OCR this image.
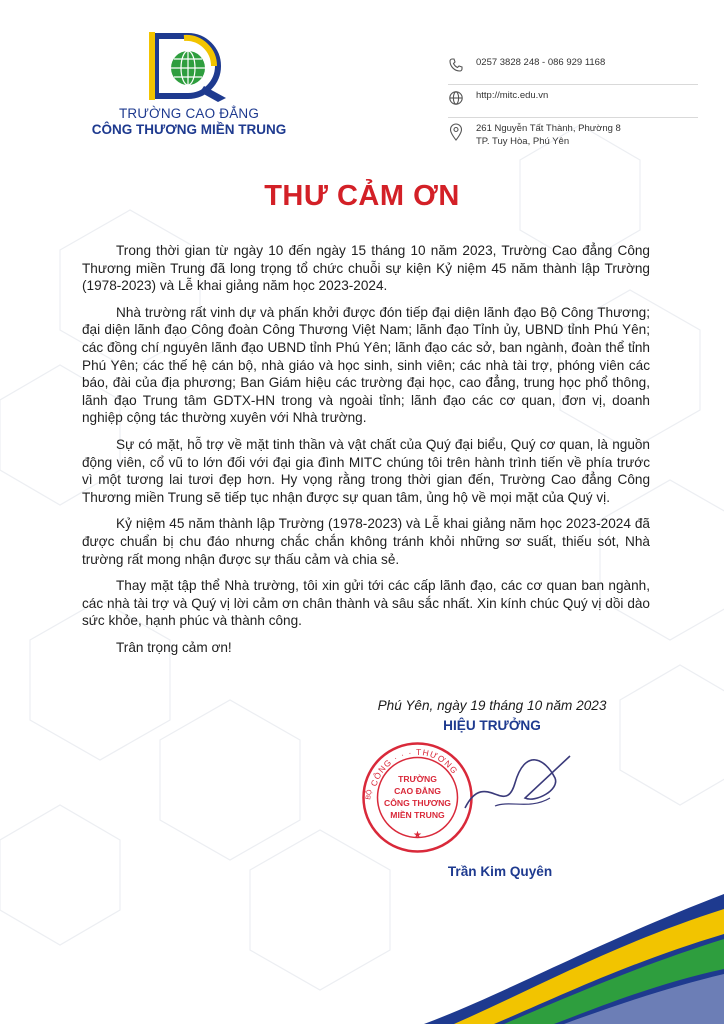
TRƯỜNG CAO ĐẲNG
CÔNG THƯƠNG MIỀN TRUNG
0257 3828 248 - 086 929 1168
http://mitc.edu.vn
261 Nguyễn Tất Thành, Phường 8
TP. Tuy Hòa, Phú Yên
THƯ CẢM ƠN

Trong thời gian từ ngày 10 đến ngày 15 tháng 10 năm 2023, Trường Cao đẳng Công Thương miền Trung đã long trọng tổ chức chuỗi sự kiện Kỷ niệm 45 năm thành lập Trường (1978-2023) và Lễ khai giảng năm học 2023-2024.

Nhà trường rất vinh dự và phấn khởi được đón tiếp đại diện lãnh đạo Bộ Công Thương; đại diện lãnh đạo Công đoàn Công Thương Việt Nam; lãnh đạo Tỉnh ủy, UBND tỉnh Phú Yên; các đồng chí nguyên lãnh đạo UBND tỉnh Phú Yên; lãnh đạo các sở, ban ngành, đoàn thể tỉnh Phú Yên; các thế hệ cán bộ, nhà giáo và học sinh, sinh viên; các nhà tài trợ, phóng viên các báo, đài của địa phương; Ban Giám hiệu các trường đại học, cao đẳng, trung học phổ thông, lãnh đạo Trung tâm GDTX-HN trong và ngoài tỉnh; lãnh đạo các cơ quan, đơn vị, doanh nghiệp cộng tác thường xuyên với Nhà trường.

Sự có mặt, hỗ trợ về mặt tinh thần và vật chất của Quý đại biểu, Quý cơ quan, là nguồn động viên, cổ vũ to lớn đối với đại gia đình MITC chúng tôi trên hành trình tiến về phía trước vì một tương lai tươi đẹp hơn. Hy vọng rằng trong thời gian đến, Trường Cao đẳng Công Thương miền Trung sẽ tiếp tục nhận được sự quan tâm, ủng hộ về mọi mặt của Quý vị.

Kỷ niệm 45 năm thành lập Trường (1978-2023) và Lễ khai giảng năm học 2023-2024 đã được chuẩn bị chu đáo nhưng chắc chắn không tránh khỏi những sơ suất, thiếu sót, Nhà trường rất mong nhận được sự thấu cảm và chia sẻ.

Thay mặt tập thể Nhà trường, tôi xin gửi tới các cấp lãnh đạo, các cơ quan ban ngành, các nhà tài trợ và Quý vị lời cảm ơn chân thành và sâu sắc nhất. Xin kính chúc Quý vị dồi dào sức khỏe, hạnh phúc và thành công.

Trân trọng cảm ơn!

Phú Yên, ngày 19 tháng 10 năm 2023
HIỆU TRƯỞNG
CÔNG · · · THƯƠNG
BỘ
TRƯỜNG
CAO ĐẲNG
CÔNG THƯƠNG
MIỀN TRUNG
★
Trần Kim Quyên
